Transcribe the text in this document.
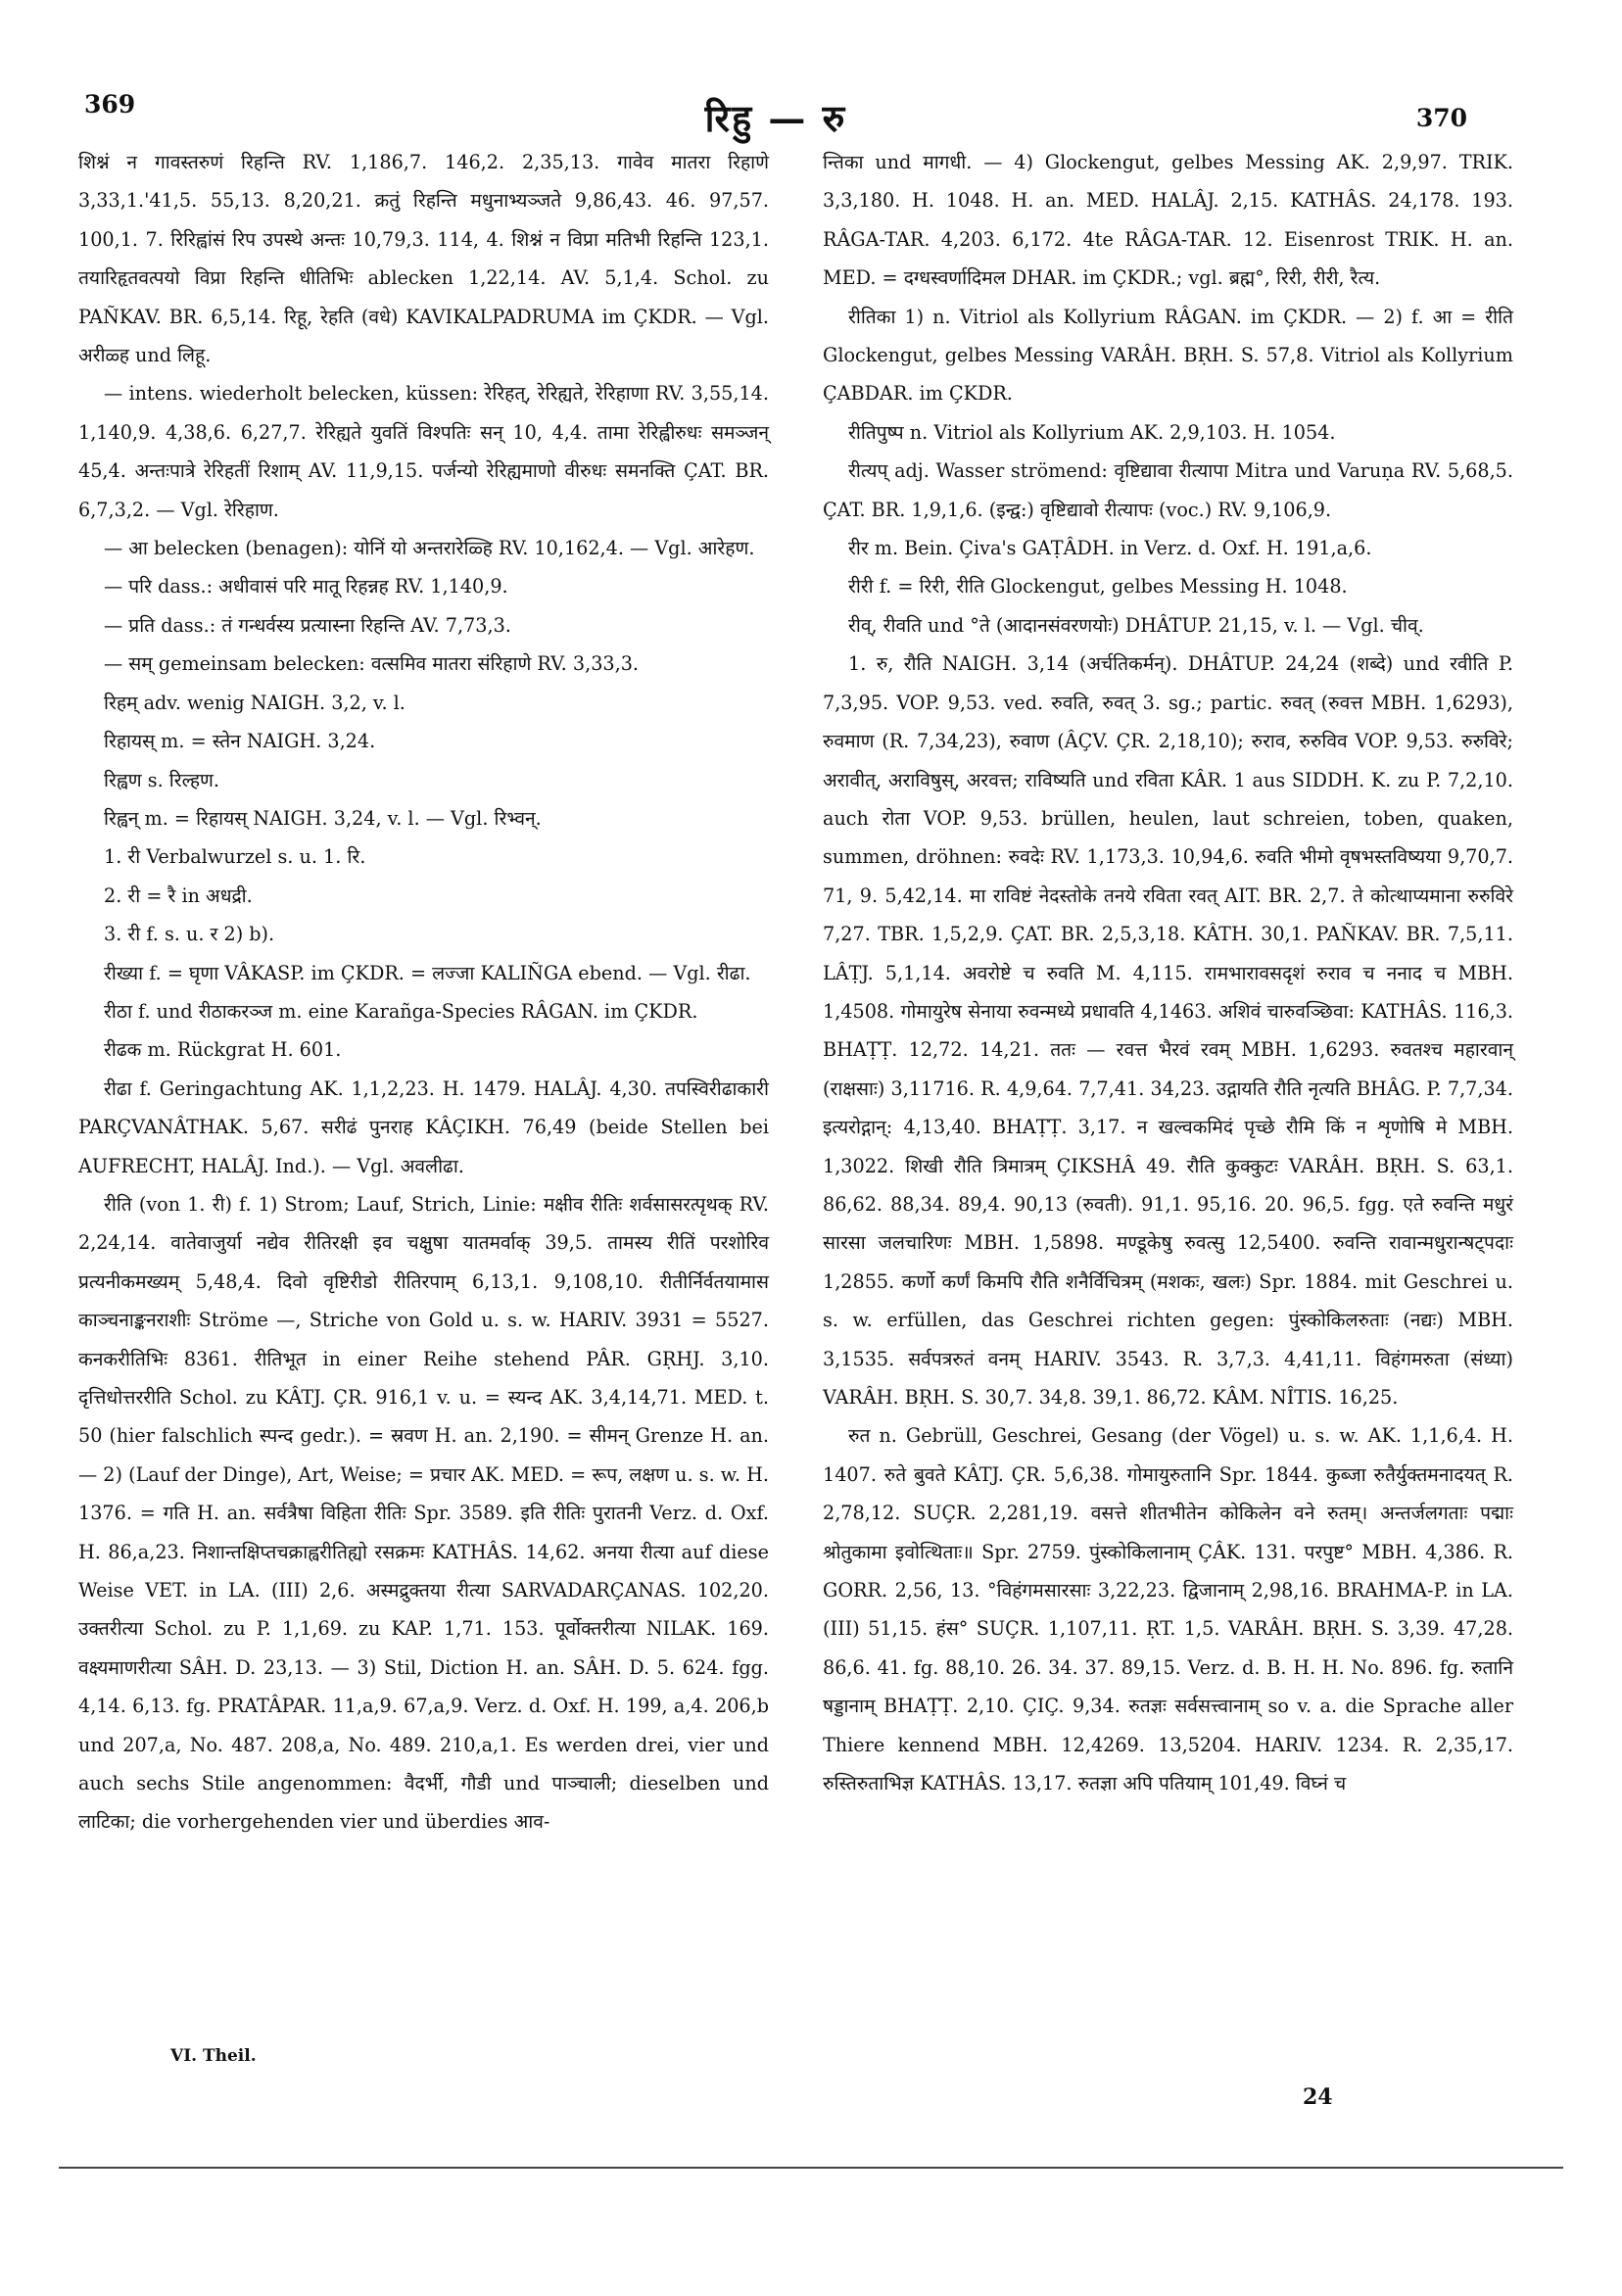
369	रिहु — रु	370

शिश्नं न गावस्तरुणं रिहन्ति RV. 1,186,7. 146,2. 2,35,13. गावेव मातरा रिहाणे 3,33,1.'41,5. 55,13. 8,20,21. क्रतुं रिहन्ति मधुनाभ्यञ्जते 9,86,43. 46. 97,57. 100,1. 7. रिरिह्वांसं रिप उपस्थे अन्तः 10,79,3. 114, 4. शिश्नं न विप्रा मतिभी रिहन्ति 123,1. तयारिहृतवत्पयो विप्रा रिहन्ति धीतिभिः ablecken 1,22,14. AV. 5,1,4. Schol. zu PAÑKAV. BR. 6,5,14. रिहू, रेहति (वधे) KAVIKALPADRUMA im ÇKDR. — Vgl. अरीळ्ह und लिहू.

— intens. wiederholt belecken, küssen: रेरिहत्, रेरिह्यते, रेरिहाणा RV. 3,55,14. 1,140,9. 4,38,6. 6,27,7. रेरिह्यते युवतिं विश्पतिः सन् 10, 4,4. तामा रेरिह्वीरुधः समञ्जन् 45,4. अन्तःपात्रे रेरिहतीं रिशाम् AV. 11,9,15. पर्जन्यो रेरिह्यमाणो वीरुधः समनक्ति ÇAT. BR. 6,7,3,2. — Vgl. रेरिहाण.

— आ belecken (benagen): योनिं यो अन्तरारेळ्हि RV. 10,162,4. — Vgl. आरेहण.

— परि dass.: अधीवासं परि मातू रिहन्नह RV. 1,140,9.

— प्रति dass.: तं गन्धर्वस्य प्रत्यास्ना रिहन्ति AV. 7,73,3.

— सम् gemeinsam belecken: वत्समिव मातरा संरिहाणे RV. 3,33,3.

रिहम् adv. wenig NAIGH. 3,2, v. l.

रिहायस् m. = स्तेन NAIGH. 3,24.

रिह्वण s. रिल्हण.

रिह्वन् m. = रिहायस् NAIGH. 3,24, v. l. — Vgl. रिभ्वन्.

1. री Verbalwurzel s. u. 1. रि.

2. री = रै in अधद्री.

3. री f. s. u. र 2) b).

रीख्या f. = घृणा VÂKASP. im ÇKDR. = लज्जा KALIÑGA ebend. — Vgl. रीढा.

रीठा f. und रीठाकरञ्ज m. eine Karañga-Species RÂGAN. im ÇKDR.

रीढक m. Rückgrat H. 601.

रीढा f. Geringachtung AK. 1,1,2,23. H. 1479. HALÂJ. 4,30. तपस्विरीढाकारी PARÇVANÂTHAK. 5,67. सरीढं पुनराह KÂÇIKH. 76,49 (beide Stellen bei AUFRECHT, HALÂJ. Ind.). — Vgl. अवलीढा.

रीति (von 1. री) f. 1) Strom; Lauf, Strich, Linie: मक्षीव रीतिः शर्वसासरत्पृथक् RV. 2,24,14. वातेवाजुर्या नद्येव रीतिरक्षी इव चक्षुषा यातमर्वाक् 39,5. तामस्य रीतिं परशोरिव प्रत्यनीकमख्यम् 5,48,4. दिवो वृष्टिरीडो रीतिरपाम् 6,13,1. 9,108,10. रीतीर्निर्वतयामास काञ्चनाङ्कनराशीः Ströme —, Striche von Gold u. s. w. HARIV. 3931 = 5527. कनकरीतिभिः 8361. रीतिभूत in einer Reihe stehend PÂR. GṚHJ. 3,10. दृत्तिधोत्तररीति Schol. zu KÂTJ. ÇR. 916,1 v. u. = स्यन्द AK. 3,4,14,71. MED. t. 50 (hier falschlich स्पन्द gedr.). = स्रवण H. an. 2,190. = सीमन् Grenze H. an. — 2) (Lauf der Dinge), Art, Weise; = प्रचार AK. MED. = रूप, लक्षण u. s. w. H. 1376. = गति H. an. सर्वत्रैषा विहिता रीतिः Spr. 3589. इति रीतिः पुरातनी Verz. d. Oxf. H. 86,a,23. निशान्तक्षिप्तचक्राह्वरीतिह्यो रसक्रमः KATHÂS. 14,62. अनया रीत्या auf diese Weise VET. in LA. (III) 2,6. अस्मद्रुक्तया रीत्या SARVADARÇANAS. 102,20. उक्तरीत्या Schol. zu P. 1,1,69. zu KAP. 1,71. 153. पूर्वोक्तरीत्या NILAK. 169. वक्ष्यमाणरीत्या SÂH. D. 23,13. — 3) Stil, Diction H. an. SÂH. D. 5. 624. fgg. 4,14. 6,13. fg. PRATÂPAR. 11,a,9. 67,a,9. Verz. d. Oxf. H. 199, a,4. 206,b und 207,a, No. 487. 208,a, No. 489. 210,a,1. Es werden drei, vier und auch sechs Stile angenommen: वैदर्भी, गौडी und पाञ्चाली; dieselben und लाटिका; die vorhergehenden vier und überdies आव-

न्तिका und मागधी. — 4) Glockengut, gelbes Messing AK. 2,9,97. TRIK. 3,3,180. H. 1048. H. an. MED. HALÂJ. 2,15. KATHÂS. 24,178. 193. RÂGA-TAR. 4,203. 6,172. 4te RÂGA-TAR. 12. Eisenrost TRIK. H. an. MED. = दग्धस्वर्णादिमल DHAR. im ÇKDR.; vgl. ब्रह्म°, रिरी, रीरी, रैत्य.

रीतिका 1) n. Vitriol als Kollyrium RÂGAN. im ÇKDR. — 2) f. आ = रीति Glockengut, gelbes Messing VARÂH. BṚH. S. 57,8. Vitriol als Kollyrium ÇABDAR. im ÇKDR.

रीतिपुष्प n. Vitriol als Kollyrium AK. 2,9,103. H. 1054.

रीत्यप् adj. Wasser strömend: वृष्टिद्यावा रीत्यापा Mitra und Varuṇa RV. 5,68,5. ÇAT. BR. 1,9,1,6. (इन्द्व:) वृष्टिद्यावो रीत्यापः (voc.) RV. 9,106,9.

रीर m. Bein. Çiva's GAṬÂDH. in Verz. d. Oxf. H. 191,a,6.

रीरी f. = रिरी, रीति Glockengut, gelbes Messing H. 1048.

रीव्, रीवति und °ते (आदानसंवरणयोः) DHÂTUP. 21,15, v. l. — Vgl. चीव्.

1. रु, रौति NAIGH. 3,14 (अर्चतिकर्मन्). DHÂTUP. 24,24 (शब्दे) und रवीति P. 7,3,95. VOP. 9,53. ved. रुवति, रुवत् 3. sg.; partic. रुवत् (रुवत्त MBH. 1,6293), रुवमाण (R. 7,34,23), रुवाण (ÂÇV. ÇR. 2,18,10); रुराव, रुरुविव VOP. 9,53. रुरुविरे; अरावीत्, अराविषुस्, अरवत्त; राविष्यति und रविता KÂR. 1 aus SIDDH. K. zu P. 7,2,10. auch रोता VOP. 9,53. brüllen, heulen, laut schreien, toben, quaken, summen, dröhnen: रुवदेः RV. 1,173,3. 10,94,6. रुवति भीमो वृषभस्तविष्यया 9,70,7. 71, 9. 5,42,14. मा राविष्टं नेदस्तोके तनये रविता रवत् AIT. BR. 2,7. ते कोत्थाप्यमाना रुरुविरे 7,27. TBR. 1,5,2,9. ÇAT. BR. 2,5,3,18. KÂTH. 30,1. PAÑKAV. BR. 7,5,11. LÂṬJ. 5,1,14. अवरोष्टे च रुवति M. 4,115. रामभारावसदृशं रुराव च ननाद च MBH. 1,4508. गोमायुरेष सेनाया रुवन्मध्ये प्रधावति 4,1463. अशिवं चारुवञ्छिवा: KATHÂS. 116,3. BHAṬṬ. 12,72. 14,21. ततः — रवत्त भैरवं रवम् MBH. 1,6293. रुवतश्च महारवान् (राक्षसाः) 3,11716. R. 4,9,64. 7,7,41. 34,23. उद्गायति रौति नृत्यति BHÂG. P. 7,7,34. इत्यरोद्गान्: 4,13,40. BHAṬṬ. 3,17. न खल्वकमिदं पृच्छे रौमि किं न शृणोषि मे MBH. 1,3022. शिखी रौति त्रिमात्रम् ÇIKSHÂ 49. रौति कुक्कुटः VARÂH. BṚH. S. 63,1. 86,62. 88,34. 89,4. 90,13 (रुवती). 91,1. 95,16. 20. 96,5. fgg. एते रुवन्ति मधुरं सारसा जलचारिणः MBH. 1,5898. मण्डूकेषु रुवत्सु 12,5400. रुवन्ति रावान्मधुरान्षट्पदाः 1,2855. कर्णो कर्णं किमपि रौति शनैर्विचित्रम् (मशकः, खलः) Spr. 1884. mit Geschrei u. s. w. erfüllen, das Geschrei richten gegen: पुंस्कोकिलरुताः (नद्यः) MBH. 3,1535. सर्वपत्ररुतं वनम् HARIV. 3543. R. 3,7,3. 4,41,11. विहंगमरुता (संध्या) VARÂH. BṚH. S. 30,7. 34,8. 39,1. 86,72. KÂM. NÎTIS. 16,25.

रुत n. Gebrüll, Geschrei, Gesang (der Vögel) u. s. w. AK. 1,1,6,4. H. 1407. रुते बुवते KÂTJ. ÇR. 5,6,38. गोमायुरुतानि Spr. 1844. कुब्जा रुतैर्युक्तमनादयत् R. 2,78,12. SUÇR. 2,281,19. वसत्ते शीतभीतेन कोकिलेन वने रुतम्। अन्तर्जलगताः पद्माः श्रोतुकामा इवोत्थिताः॥ Spr. 2759. पुंस्कोकिलानाम् ÇÂK. 131. परपुष्ट° MBH. 4,386. R. GORR. 2,56, 13. °विहंगमसारसाः 3,22,23. द्विजानाम् 2,98,16. BRAHMA-P. in LA. (III) 51,15. हंस° SUÇR. 1,107,11. ṚT. 1,5. VARÂH. BṚH. S. 3,39. 47,28. 86,6. 41. fg. 88,10. 26. 34. 37. 89,15. Verz. d. B. H. H. No. 896. fg. रुतानि षड्डानाम् BHAṬṬ. 2,10. ÇIÇ. 9,34. रुतज्ञः सर्वसत्त्वानाम् so v. a. die Sprache aller Thiere kennend MBH. 12,4269. 13,5204. HARIV. 1234. R. 2,35,17. रुस्तिरुताभिज्ञ KATHÂS. 13,17. रुतज्ञा अपि पतियाम् 101,49. विघ्नं च

VI. Theil.
24
